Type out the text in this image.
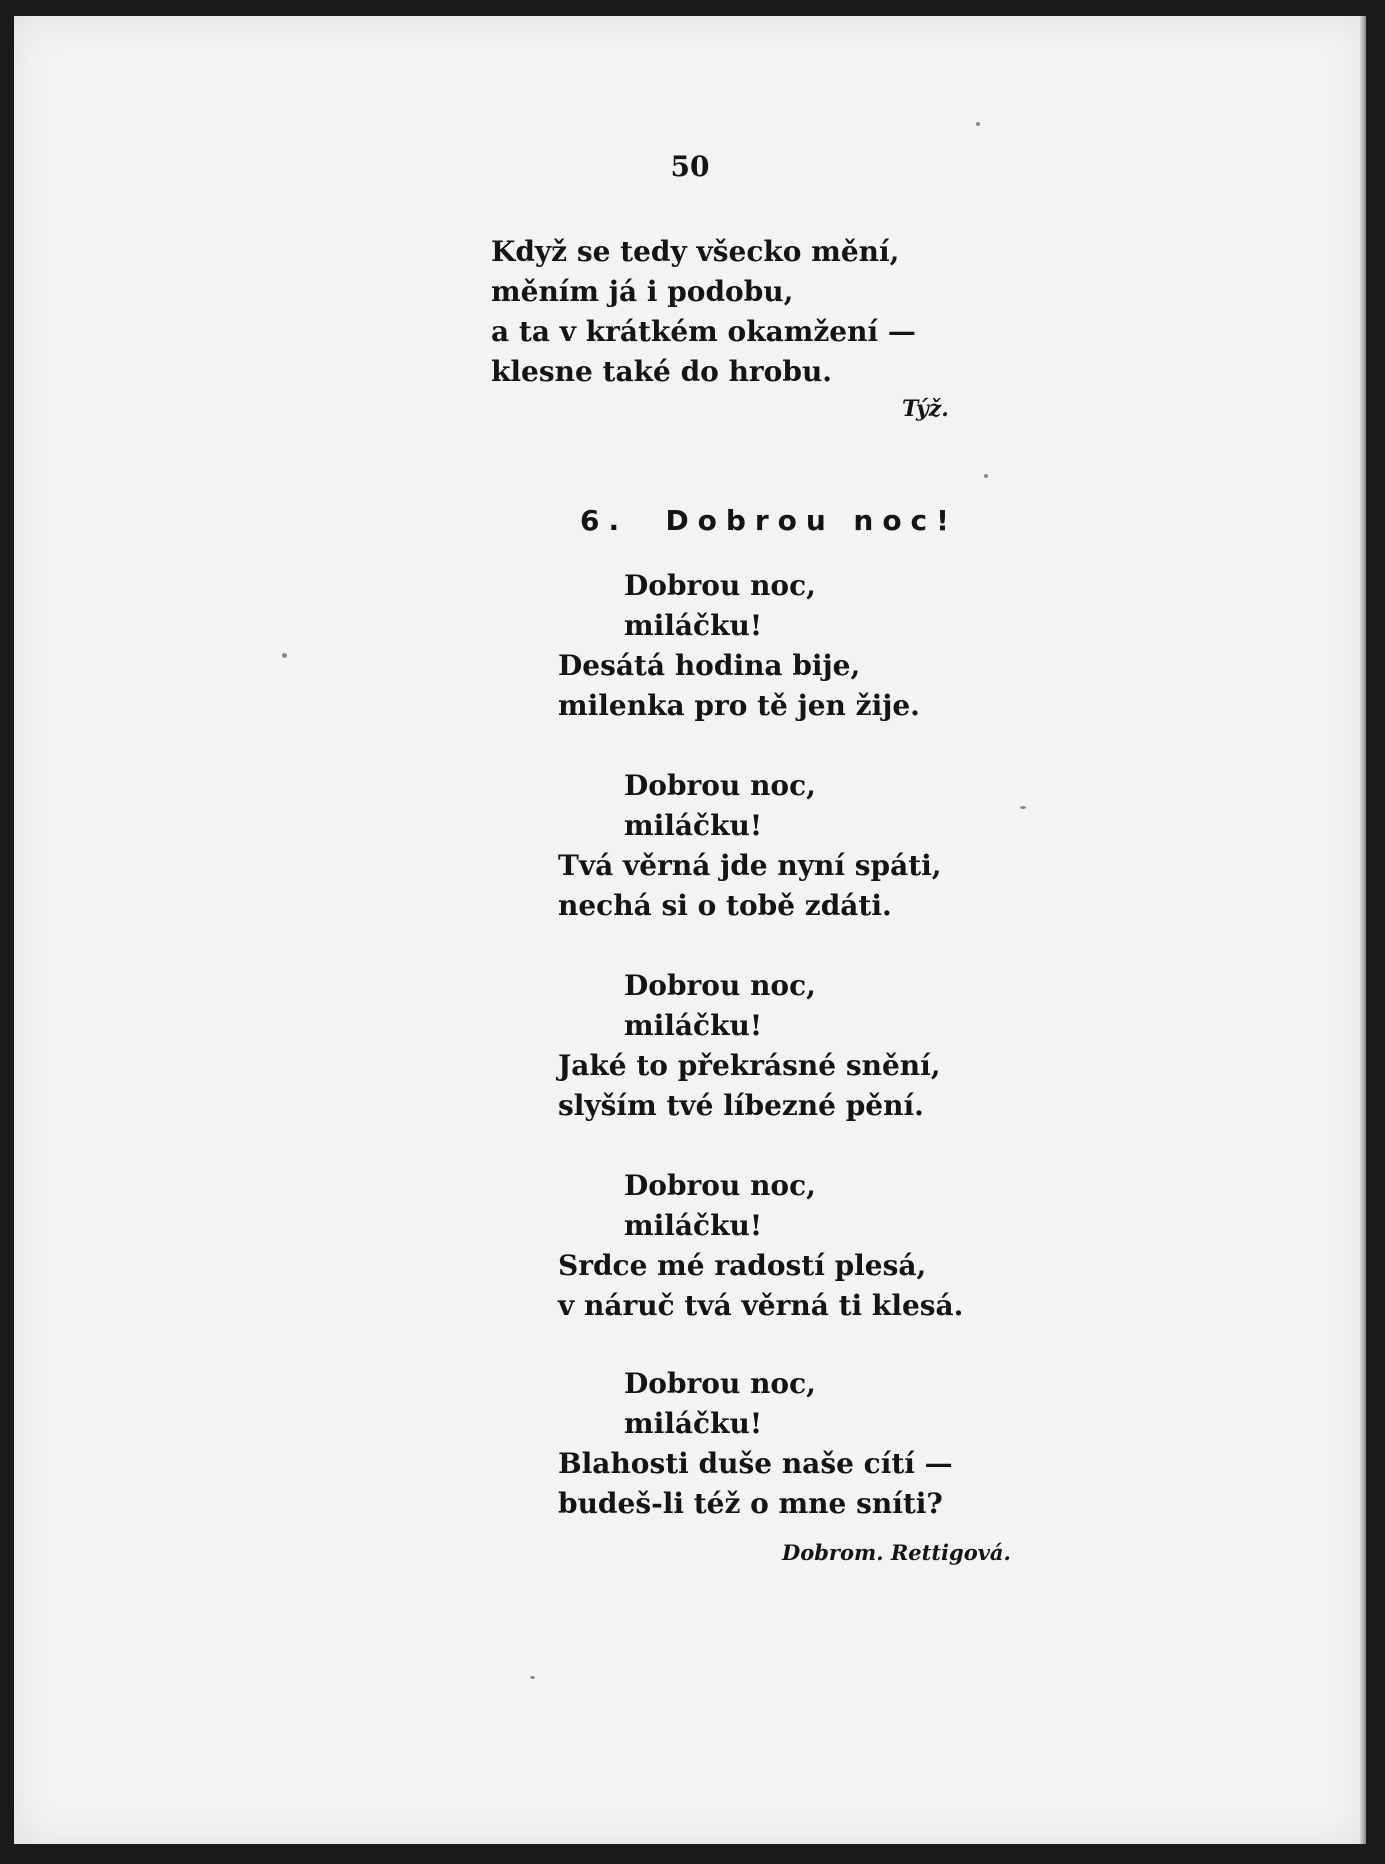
50

Když se tedy všecko mění,
měním já i podobu,
a ta v krátkém okamžení —
klesne také do hrobu.
Týž.
6. Dobrou noc!
Dobrou noc,
miláčku!
Desátá hodina bije,
milenka pro tě jen žije.
Dobrou noc,
miláčku!
Tvá věrná jde nyní spáti,
nechá si o tobě zdáti.
Dobrou noc,
miláčku!
Jaké to překrásné snění,
slyším tvé líbezné pění.
Dobrou noc,
miláčku!
Srdce mé radostí plesá,
v náruč tvá věrná ti klesá.
Dobrou noc,
miláčku!
Blahosti duše naše cítí —
budeš-li též o mne sníti?
Dobrom. Rettigová.
